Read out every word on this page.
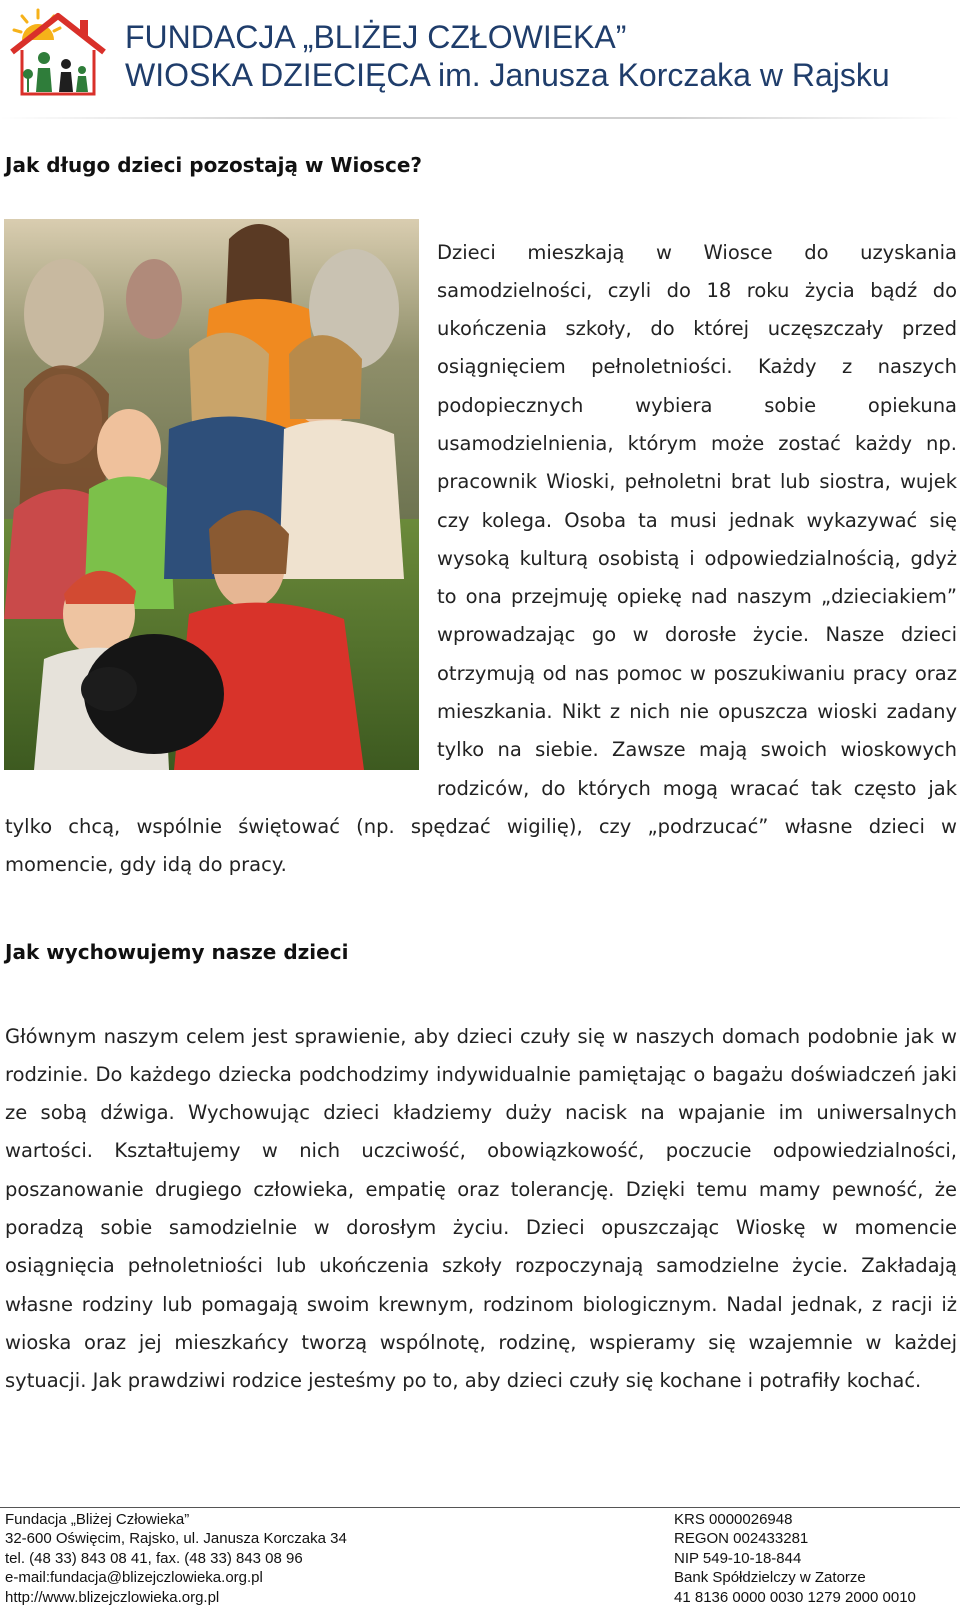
FUNDACJA „BLIŻEJ CZŁOWIEKA”
WIOSKA DZIECIĘCA im. Janusza Korczaka w Rajsku
Jak długo dzieci pozostają w Wiosce?

Dzieci mieszkają w Wiosce do uzyskania samodzielności, czyli do 18 roku życia bądź do ukończenia szkoły, do której uczęszczały przed osiągnięciem pełnoletniości. Każdy z naszych podopiecznych wybiera sobie opiekuna usamodzielnienia, którym może zostać każdy np. pracownik Wioski, pełnoletni brat lub siostra, wujek czy kolega. Osoba ta musi jednak wykazywać się wysoką kulturą osobistą i odpowiedzialnością, gdyż to ona przejmuję opiekę nad naszym „dzieciakiem” wprowadzając go w dorosłe życie. Nasze dzieci otrzymują od nas pomoc w poszukiwaniu pracy oraz mieszkania. Nikt z nich nie opuszcza wioski zadany tylko na siebie. Zawsze mają swoich wioskowych rodziców, do których mogą wracać tak często jak tylko chcą, wspólnie świętować (np. spędzać wigilię), czy „podrzucać” własne dzieci w momencie, gdy idą do pracy.

Jak wychowujemy nasze dzieci

Głównym naszym celem jest sprawienie, aby dzieci czuły się w naszych domach podobnie jak w rodzinie. Do każdego dziecka podchodzimy indywidualnie pamiętając o bagażu doświadczeń jaki ze sobą dźwiga. Wychowując dzieci kładziemy duży nacisk na wpajanie im uniwersalnych wartości. Kształtujemy w nich uczciwość, obowiązkowość, poczucie odpowiedzialności, poszanowanie drugiego człowieka, empatię oraz tolerancję. Dzięki temu mamy pewność, że poradzą sobie samodzielnie w dorosłym życiu. Dzieci opuszczając Wioskę w momencie osiągnięcia pełnoletniości lub ukończenia szkoły rozpoczynają samodzielne życie. Zakładają własne rodziny lub pomagają swoim krewnym, rodzinom biologicznym. Nadal jednak, z racji iż wioska oraz jej mieszkańcy tworzą wspólnotę, rodzinę, wspieramy się wzajemnie w każdej sytuacji. Jak prawdziwi rodzice jesteśmy po to, aby dzieci czuły się kochane i potrafiły kochać.

Fundacja „Bliżej Człowieka”
32-600 Oświęcim, Rajsko, ul. Janusza Korczaka 34
tel. (48 33) 843 08 41, fax. (48 33) 843 08 96
e-mail:fundacja@blizejczlowieka.org.pl
http://www.blizejczlowieka.org.pl
KRS 0000026948
REGON 002433281
NIP 549-10-18-844
Bank Spółdzielczy w Zatorze
41 8136 0000 0030 1279 2000 0010
